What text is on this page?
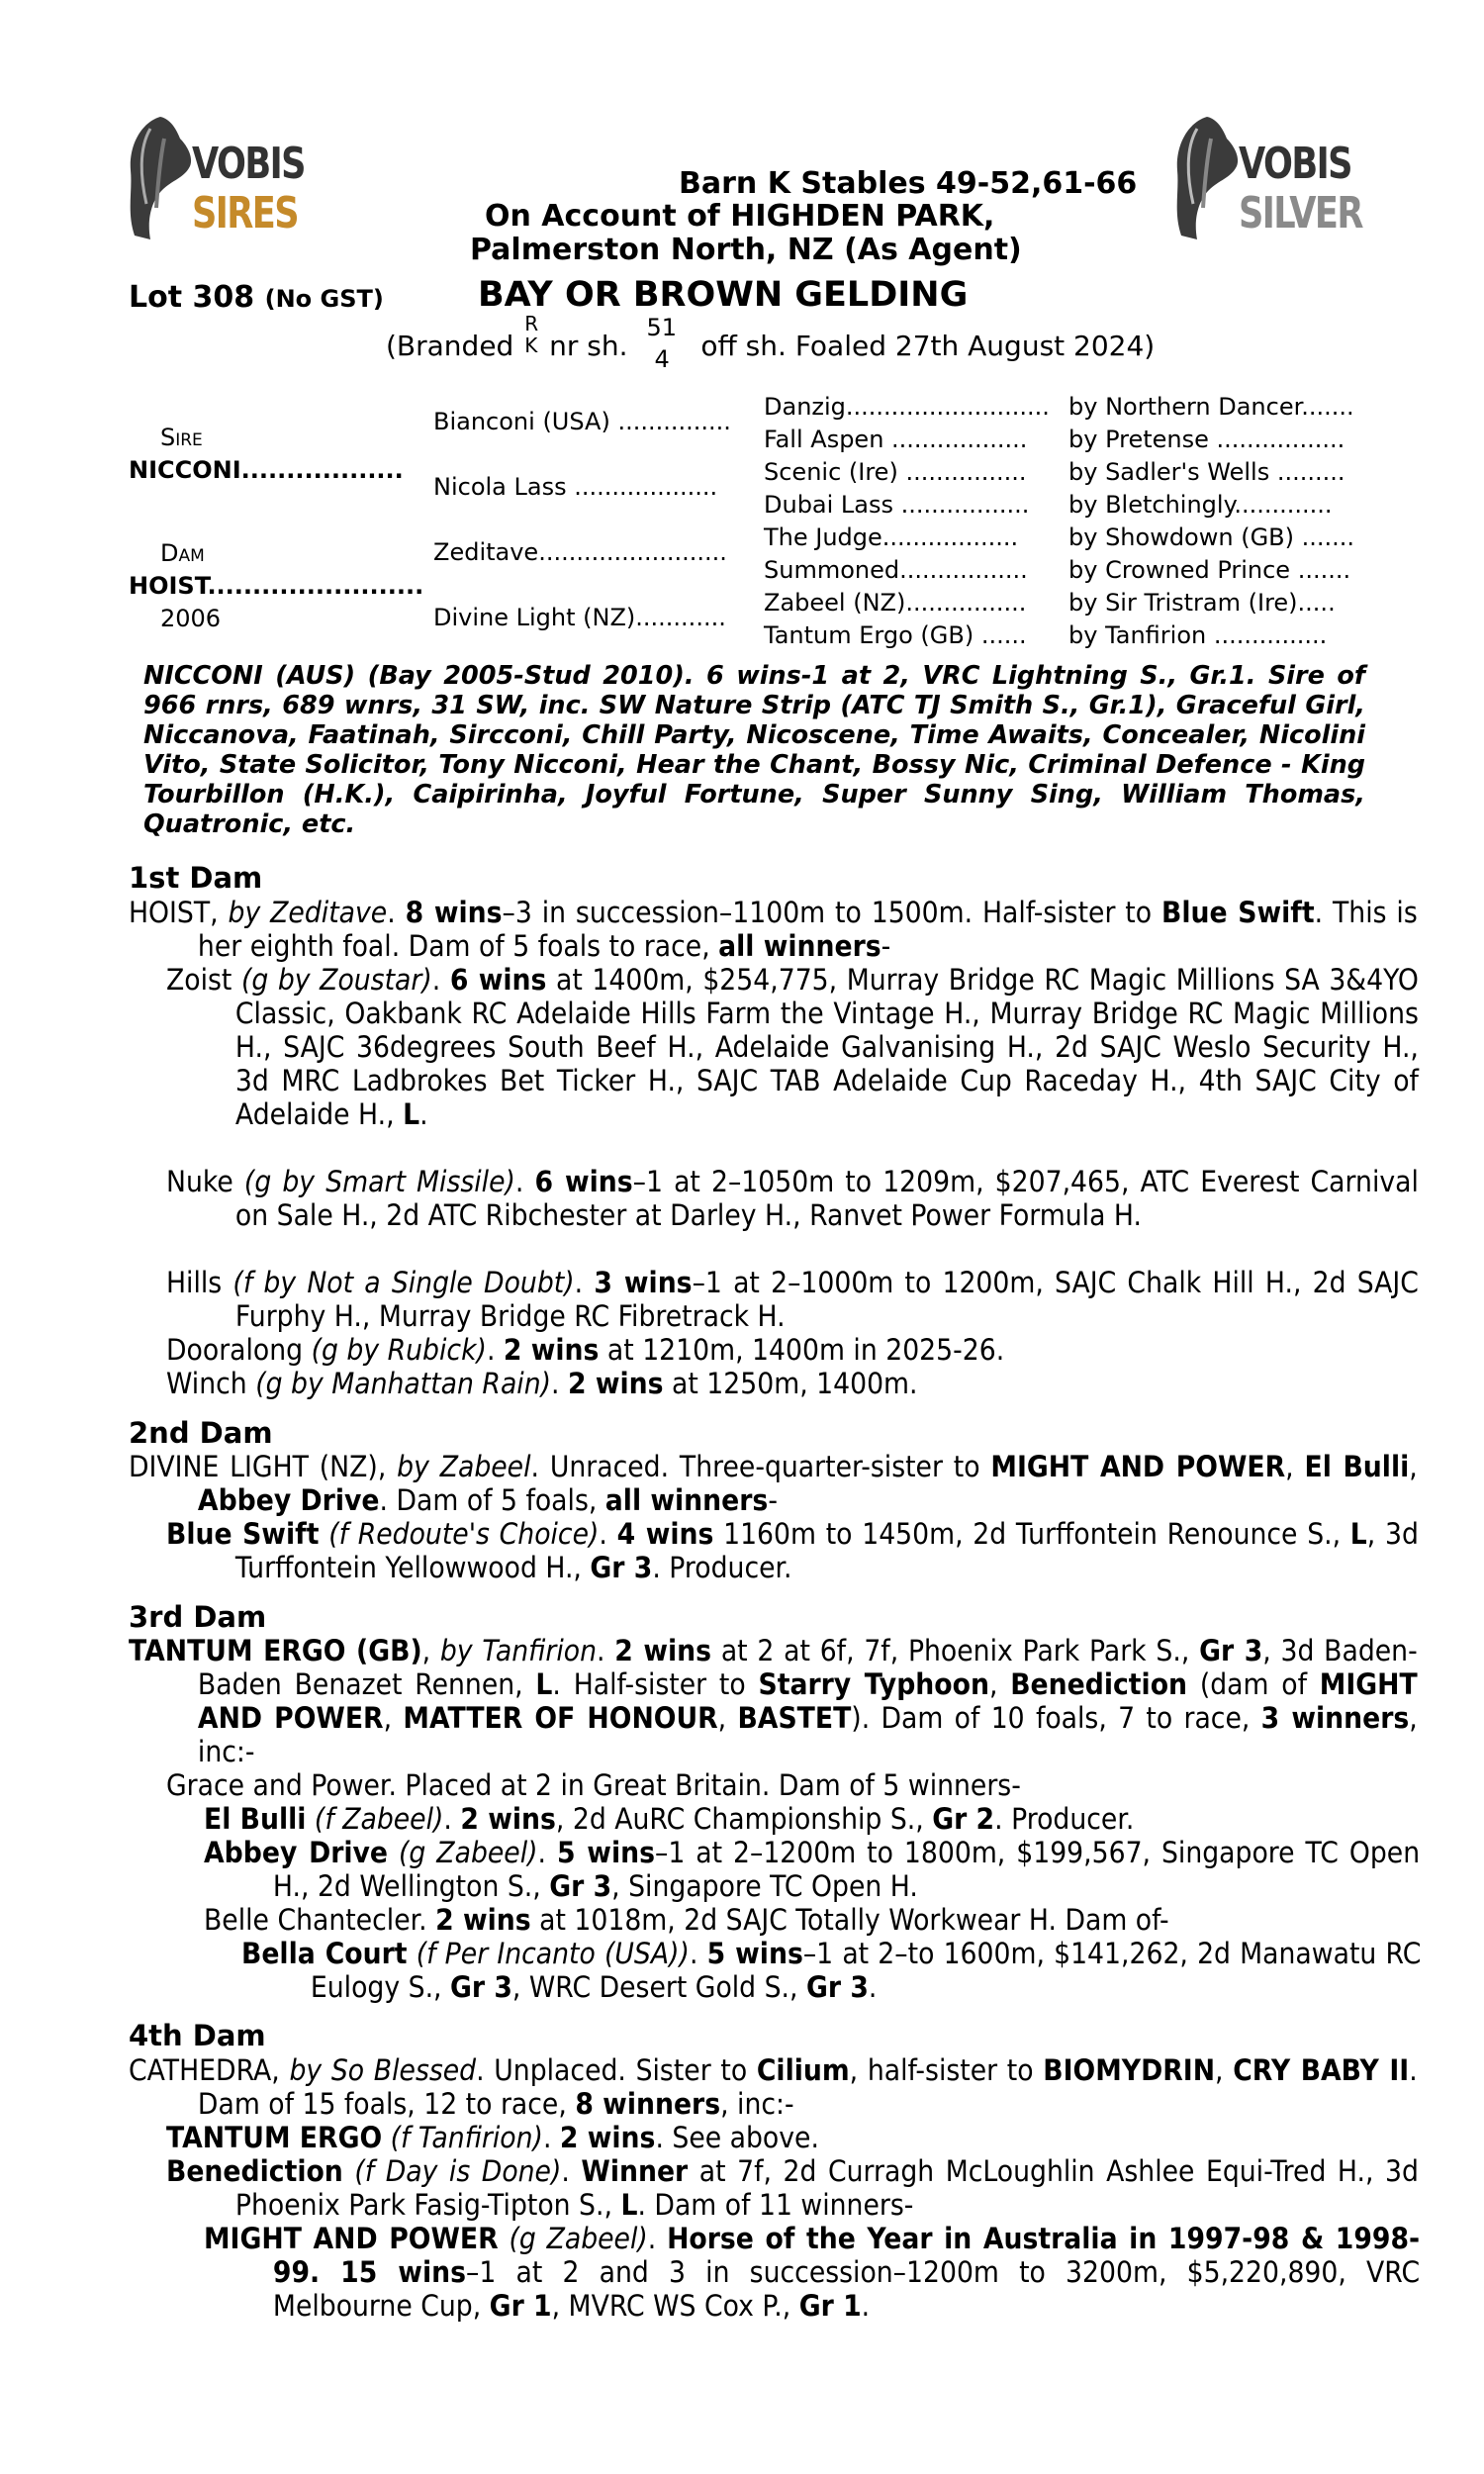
VOBIS
SIRES
VOBIS
SILVER
Barn K Stables 49-52,61-66
On Account of HIGHDEN PARK,
Palmerston North, NZ (As Agent)
Lot 308 (No GST)	BAY OR BROWN GELDING
(Branded
R
K nr sh.
51
4 off sh. Foaled 27th August 2024)
Sire
NICCONI..................
Dam
HOIST........................
2006
Bianconi (USA) ...............
Nicola Lass ...................
Zeditave.........................
Divine Light (NZ)............
Danzig...........................
Fall Aspen ..................
Scenic (Ire) ................
Dubai Lass .................
The Judge..................
Summoned.................
Zabeel (NZ)................
Tantum Ergo (GB) ......
by Northern Dancer.......
by Pretense .................
by Sadler's Wells .........
by Bletchingly.............
by Showdown (GB) .......
by Crowned Prince .......
by Sir Tristram (Ire).....
by Tanfirion ...............
NICCONI (AUS) (Bay 2005-Stud 2010). 6 wins-1 at 2, VRC Lightning S., Gr.1. Sire of 966 rnrs, 689 wnrs, 31 SW, inc. SW Nature Strip (ATC TJ Smith S., Gr.1), Graceful Girl, Niccanova, Faatinah, Sircconi, Chill Party, Nicoscene, Time Awaits, Concealer, Nicolini Vito, State Solicitor, Tony Nicconi, Hear the Chant, Bossy Nic, Criminal Defence - King Tourbillon (H.K.), Caipirinha, Joyful Fortune, Super Sunny Sing, William Thomas, Quatronic, etc.
1st Dam
HOIST, by Zeditave. 8 wins–3 in succession–1100m to 1500m. Half-sister to Blue Swift. This is her eighth foal. Dam of 5 foals to race, all winners-
Zoist (g by Zoustar). 6 wins at 1400m, $254,775, Murray Bridge RC Magic Millions SA 3&4YO Classic, Oakbank RC Adelaide Hills Farm the Vintage H., Murray Bridge RC Magic Millions H., SAJC 36degrees South Beef H., Adelaide Galvanising H., 2d SAJC Weslo Security H., 3d MRC Ladbrokes Bet Ticker H., SAJC TAB Adelaide Cup Raceday H., 4th SAJC City of Adelaide H., L.
Nuke (g by Smart Missile). 6 wins–1 at 2–1050m to 1209m, $207,465, ATC Everest Carnival on Sale H., 2d ATC Ribchester at Darley H., Ranvet Power Formula H.
Hills (f by Not a Single Doubt). 3 wins–1 at 2–1000m to 1200m, SAJC Chalk Hill H., 2d SAJC Furphy H., Murray Bridge RC Fibretrack H.
Dooralong (g by Rubick). 2 wins at 1210m, 1400m in 2025-26.
Winch (g by Manhattan Rain). 2 wins at 1250m, 1400m.
2nd Dam
DIVINE LIGHT (NZ), by Zabeel. Unraced. Three-quarter-sister to MIGHT AND POWER, El Bulli, Abbey Drive. Dam of 5 foals, all winners-
Blue Swift (f Redoute's Choice). 4 wins 1160m to 1450m, 2d Turffontein Renounce S., L, 3d Turffontein Yellowwood H., Gr 3. Producer.
3rd Dam
TANTUM ERGO (GB), by Tanfirion. 2 wins at 2 at 6f, 7f, Phoenix Park Park S., Gr 3, 3d Baden-Baden Benazet Rennen, L. Half-sister to Starry Typhoon, Benediction (dam of MIGHT AND POWER, MATTER OF HONOUR, BASTET). Dam of 10 foals, 7 to race, 3 winners, inc:-
Grace and Power. Placed at 2 in Great Britain. Dam of 5 winners-
El Bulli (f Zabeel). 2 wins, 2d AuRC Championship S., Gr 2. Producer.
Abbey Drive (g Zabeel). 5 wins–1 at 2–1200m to 1800m, $199,567, Singapore TC Open H., 2d Wellington S., Gr 3, Singapore TC Open H.
Belle Chantecler. 2 wins at 1018m, 2d SAJC Totally Workwear H. Dam of-
Bella Court (f Per Incanto (USA)). 5 wins–1 at 2–to 1600m, $141,262, 2d Manawatu RC Eulogy S., Gr 3, WRC Desert Gold S., Gr 3.
4th Dam
CATHEDRA, by So Blessed. Unplaced. Sister to Cilium, half-sister to BIOMYDRIN, CRY BABY II. Dam of 15 foals, 12 to race, 8 winners, inc:-
TANTUM ERGO (f Tanfirion). 2 wins. See above.
Benediction (f Day is Done). Winner at 7f, 2d Curragh McLoughlin Ashlee Equi-Tred H., 3d Phoenix Park Fasig-Tipton S., L. Dam of 11 winners-
MIGHT AND POWER (g Zabeel). Horse of the Year in Australia in 1997-98 & 1998-99. 15 wins–1 at 2 and 3 in succession–1200m to 3200m, $5,220,890, VRC Melbourne Cup, Gr 1, MVRC WS Cox P., Gr 1.
